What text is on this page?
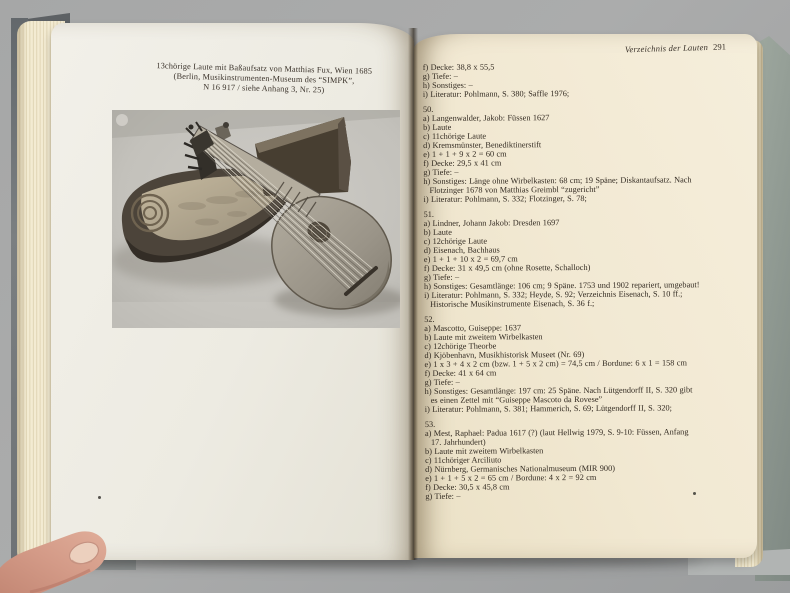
13chörige Laute mit Baßaufsatz von Matthias Fux, Wien 1685
(Berlin, Musikinstrumenten-Museum des “SIMPK”,
N 16 917 / siehe Anhang 3, Nr. 25)
Verzeichnis der Lauten 291
f) Decke: 38,8 x 55,5
g) Tiefe: –
h) Sonstiges: –
i) Literatur: Pohlmann, S. 380; Saffle 1976;
50.
a) Langenwalder, Jakob: Füssen 1627
b) Laute
c) 11chörige Laute
d) Kremsmünster, Benediktinerstift
e) 1 + 1 + 9 x 2 = 60 cm
f) Decke: 29,5 x 41 cm
g) Tiefe: –
h) Sonstiges: Länge ohne Wirbelkasten: 68 cm; 19 Späne; Diskantaufsatz. Nach
Flotzinger 1678 von Matthias Greimbl “zugericht”
i) Literatur: Pohlmann, S. 332; Flotzinger, S. 78;
51.
a) Lindner, Johann Jakob: Dresden 1697
b) Laute
c) 12chörige Laute
d) Eisenach, Bachhaus
e) 1 + 1 + 10 x 2 = 69,7 cm
f) Decke: 31 x 49,5 cm (ohne Rosette, Schalloch)
g) Tiefe: –
h) Sonstiges: Gesamtlänge: 106 cm; 9 Späne. 1753 und 1902 repariert, umgebaut!
i) Literatur: Pohlmann, S. 332; Heyde, S. 92; Verzeichnis Eisenach, S. 10 ff.;
Historische Musikinstrumente Eisenach, S. 36 f.;
52.
a) Mascotto, Guiseppe: 1637
b) Laute mit zweitem Wirbelkasten
c) 12chörige Theorbe
d) Kjöbenhavn, Musikhistorisk Museet (Nr. 69)
e) 1 x 3 + 4 x 2 cm (bzw. 1 + 5 x 2 cm) = 74,5 cm / Bordune: 6 x 1 = 158 cm
f) Decke: 41 x 64 cm
g) Tiefe: –
h) Sonstiges: Gesamtlänge: 197 cm: 25 Späne. Nach Lütgendorff II, S. 320 gibt
es einen Zettel mit “Guiseppe Mascoto da Rovese”
i) Literatur: Pohlmann, S. 381; Hammerich, S. 69; Lütgendorff II, S. 320;
53.
a) Mest, Raphael: Padua 1617 (?) (laut Hellwig 1979, S. 9-10: Füssen, Anfang
17. Jahrhundert)
b) Laute mit zweitem Wirbelkasten
c) 11chöriger Arciliuto
d) Nürnberg, Germanisches Nationalmuseum (MIR 900)
e) 1 + 1 + 5 x 2 = 65 cm / Bordune: 4 x 2 = 92 cm
f) Decke: 30,5 x 45,8 cm
g) Tiefe: –
